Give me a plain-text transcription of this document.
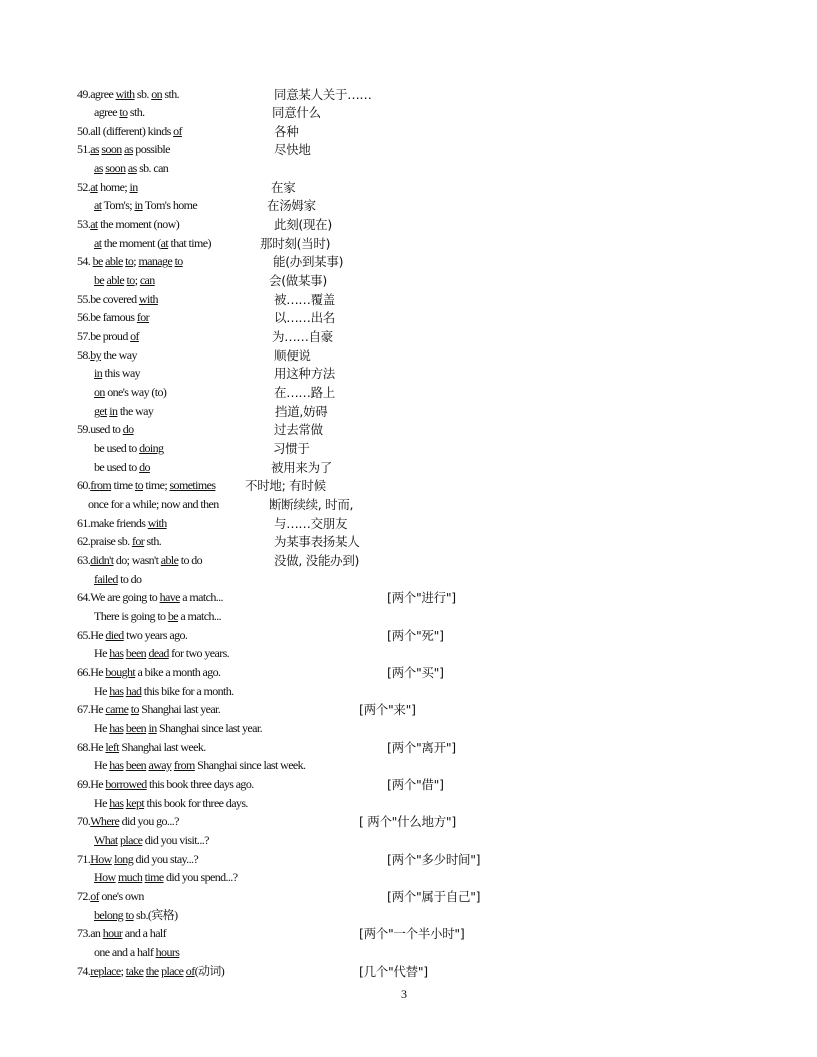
49.agree with sb. on sth.	同意某人关于……
agree to sth.	同意什么
50.all (different) kinds of	各种
51.as soon as possible	尽快地
as soon as sb. can
52.at home; in	在家
at Tom's; in Tom's home	在汤姆家
53.at the moment (now)	此刻(现在)
at the moment (at that time)	那时刻(当时)
54. be able to; manage to	能(办到某事)
be able to; can	会(做某事)
55.be covered with	被……覆盖
56.be famous for	以……出名
57.be proud of	为……自豪
58.by the way	顺便说
in this way	用这种方法
on one's way (to)	在……路上
get in the way	挡道,妨碍
59.used to do	过去常做
be used to doing	习惯于
be used to do	被用来为了
60.from time to time; sometimes 不时地; 有时候
once for a while; now and then	断断续续, 时而,
61.make friends with	与……交朋友
62.praise sb. for sth.	为某事表扬某人
63.didn't do; wasn't able to do	没做, 没能办到)
failed to do
64.We are going to have a match...	[两个"进行"]
There is going to be a match...
65.He died two years ago.	[两个"死"]
He has been dead for two years.
66.He bought a bike a month ago.	[两个"买"]
He has had this bike for a month.
67.He came to Shanghai last year.	[两个"来"]
He has been in Shanghai since last year.
68.He left Shanghai last week.	[两个"离开"]
He has been away from Shanghai since last week.
69.He borrowed this book three days ago.	[两个"借"]
He has kept this book for three days.
70.Where did you go...?	[ 两个"什么地方"]
What place did you visit...?
71.How long did you stay...?	[两个"多少时间"]
How much time did you spend...?
72.of one's own	[两个"属于自己"]
belong to sb.(宾格)
73.an hour and a half	[两个"一个半小时"]
one and a half hours
74.replace; take the place of(动词)	[几个"代替"]
3
